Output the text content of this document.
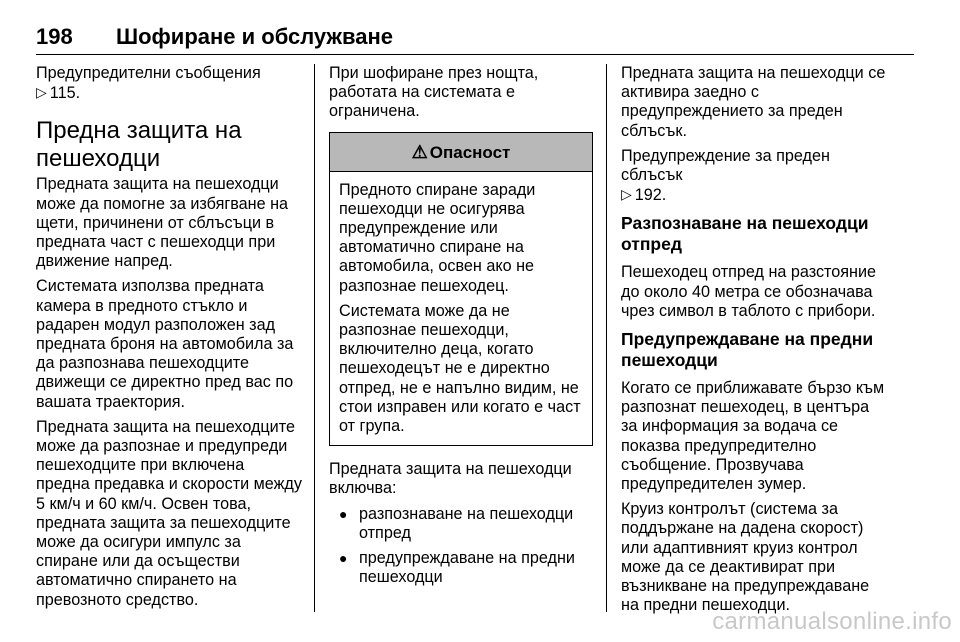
198 Шофиране и обслужване

Предупредителни съобщения
▷ 115.

Предна защита на пешеходци

Предната защита на пешеходци може да помогне за избягване на щети, причинени от сблъсъци в предната част с пешеходци при движение напред.

Системата използва предната камера в предното стъкло и радарен модул разположен зад предната броня на автомобила за да разпознава пешеходците движещи се директно пред вас по вашата траектория.

Предната защита на пешеходците може да разпознае и предупреди пешеходците при включена предна предавка и скорости между 5 км/ч и 60 км/ч. Освен това, предната защита за пешеходците може да осигури импулс за спиране или да осъществи автоматично спирането на превозното средство.

При шофиране през нощта, работата на системата е ограничена.

⚠ Опасност

Предното спиране заради пешеходци не осигурява предупреждение или автоматично спиране на автомобила, освен ако не разпознае пешеходец.

Системата може да не разпознае пешеходци, включително деца, когато пешеходецът не е директно отпред, не е напълно видим, не стои изправен или когато е част от група.

Предната защита на пешеходци включва:

● разпознаване на пешеходци отпред
● предупреждаване на предни пешеходци

Предната защита на пешеходци се активира заедно с предупреждението за преден сблъсък.

Предупреждение за преден сблъсък
▷ 192.

Разпознаване на пешеходци отпред

Пешеходец отпред на разстояние до около 40 метра се обозначава чрез символ в таблото с прибори.

Предупреждаване на предни пешеходци

Когато се приближавате бързо към разпознат пешеходец, в центъра за информация за водача се показва предупредително съобщение. Прозвучава предупредителен зумер.

Круиз контролът (система за поддържане на дадена скорост) или адаптивният круиз контрол може да се деактивират при възникване на предупреждаване на предни пешеходци.

carmanualsonline.info
